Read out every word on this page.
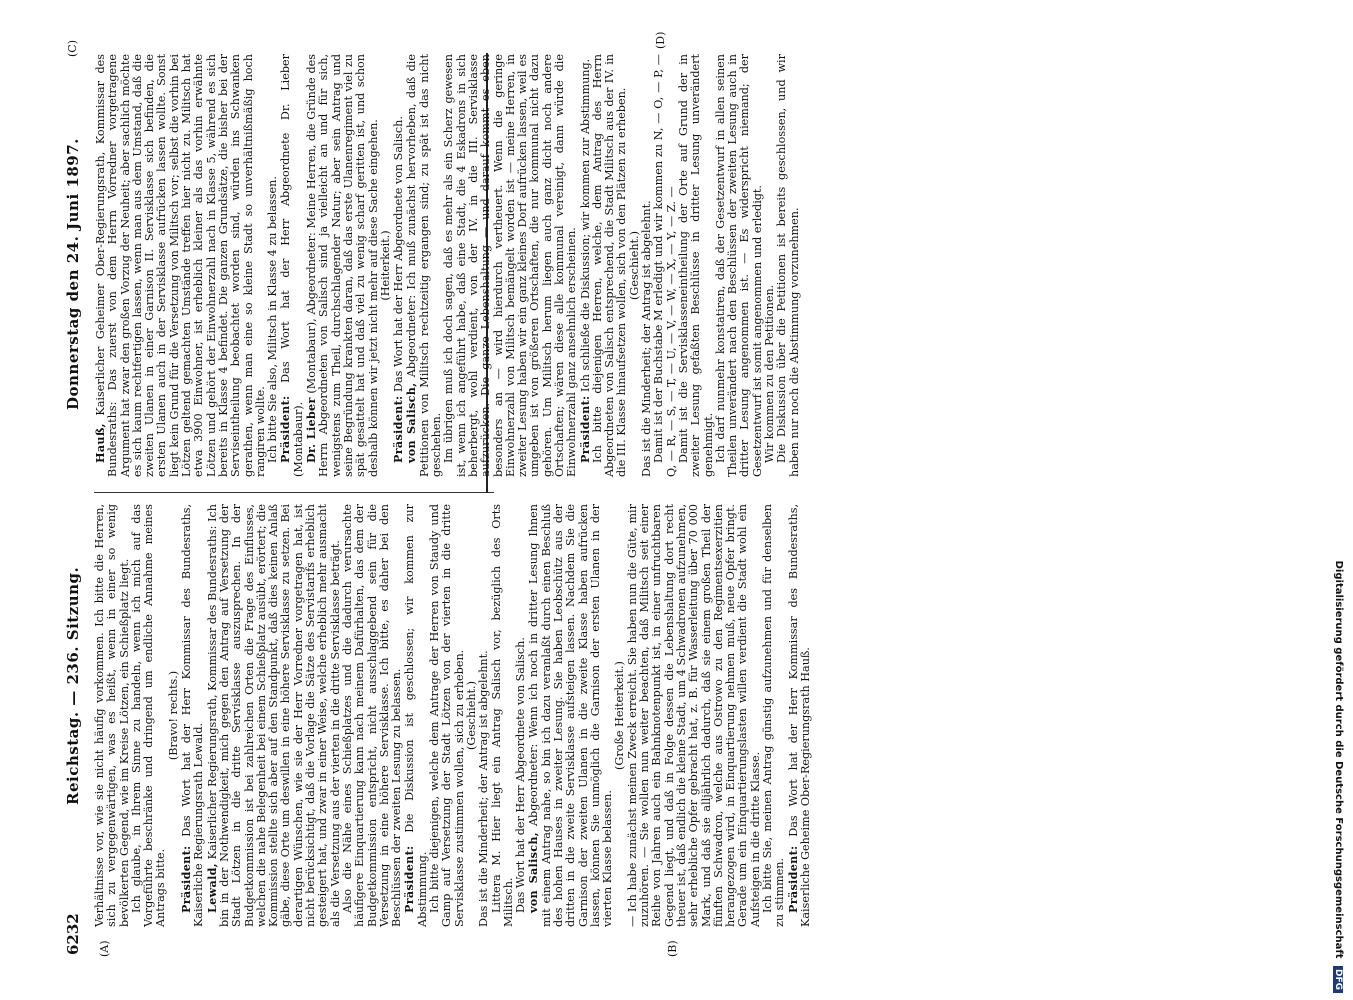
6232
Reichstag. — 236. Sitzung.
Donnerstag den 24. Juni 1897.
(C)
(A)	(B)
(D)

Verhältnisse vor, wie sie nicht häufig vorkommen. Ich bitte die Herren, sich zu vergegenwärtigen, was es heißt, wenn in einer so wenig bevölkerten Gegend, wie im Kreise Lötzen, ein Schießplatz liegt. Ich glaube, in Ihrem Sinne zu handeln, wenn ich mich auf das Vorgeführte beschränke und dringend um endliche Annahme meines Antrags bitte.

(Bravo! rechts.)

Präsident: Das Wort hat der Herr Kommissar des Bundesraths, Kaiserliche Regierungsrath Lewald. Lewald, Kaiserlicher Regierungsrath, Kommissar des Bundesraths: Ich bin in der Nothwendigkeit, mich gegen den Antrag auf Versetzung der Stadt Lötzen in die dritte Servisklasse auszusprechen. In der Budgetkommission ist bei zahlreichen Orten die Frage des Einflusses, welchen die nahe Belegenheit bei einem Schießplatz ausübt, erörtert; die Kommission stellte sich aber auf den Standpunkt, daß dies keinen Anlaß gäbe, diese Orte um deswillen in eine höhere Servisklasse zu setzen. Bei derartigen Wünschen, wie sie der Herr Vorredner vorgetragen hat, ist nicht berücksichtigt, daß die Vorlage die Sätze des Servistarifs erheblich gesteigert hat, und zwar in einer Weise, welche erheblich mehr ausmacht als die Versetzung aus der vierten in die dritte Servisklasse beträgt. Also die Nähe eines Schießplatzes und die dadurch verursachte häufigere Einquartierung kann nach meinem Dafürhalten, das dem der Budgetkommission entspricht, nicht ausschlaggebend sein für die Versetzung in eine höhere Servisklasse. Ich bitte, es daher bei den Beschlüssen der zweiten Lesung zu belassen. Präsident: Die Diskussion ist geschlossen; wir kommen zur Abstimmung. Ich bitte diejenigen, welche dem Antrage der Herren von Staudy und Gamp auf Versetzung der Stadt Lötzen von der vierten in die dritte Servisklasse zustimmen wollen, sich zu erheben. (Geschieht.) Das ist die Minderheit; der Antrag ist abgelehnt. Littera M. Hier liegt ein Antrag Salisch vor, bezüglich des Orts Militsch. Das Wort hat der Herr Abgeordnete von Salisch. von Salisch, Abgeordneter: Wenn ich noch in dritter Lesung Ihnen mit einem Antrag nahe, so bin ich dazu veranlaßt durch einen Beschluß des hohen Hauses in zweiter Lesung. Sie haben Leobschütz aus der dritten in die zweite Servisklasse aufsteigen lassen. Nachdem Sie die Garnison der zweiten Ulanen in die zweite Klasse haben aufrücken lassen, können Sie unmöglich die Garnison der ersten Ulanen in der vierten Klasse belassen.

(Große Heiterkeit.) — Ich habe zunächst meinen Zweck erreicht. Sie haben nun die Güte, mir zuzuhören. — Sie wollen nun weiter beachten, daß Militsch seit einer Reihe von Jahren auch ein Bahnknotenpunkt ist, in einer unfruchtbaren Gegend liegt, und daß in Folge dessen die Lebenshaltung dort recht theuer ist, daß endlich die kleine Stadt, um 4 Schwadronen aufzunehmen, sehr erhebliche Opfer gebracht hat, z. B. für Wasserleitung über 70 000 Mark, und daß sie alljährlich dadurch, daß sie einem großen Theil der fünften Schwadron, welche aus Ostrowo zu den Regimentsexerzitien herangezogen wird, in Einquartierung nehmen muß, neue Opfer bringt. Gerade um ein Einquartierungslasten willen verdient die Stadt wohl ein Aufsteigen in die dritte Klasse. Ich bitte Sie, meinen Antrag günstig aufzunehmen und für denselben zu stimmen. Präsident: Das Wort hat der Herr Kommissar des Bundesraths, Kaiserliche Geheime Ober-Regierungsrath Hauß.

Hauß, Kaiserlicher Geheimer Ober-Regierungsrath, Kommissar des Bundesraths: Das zuerst von dem Herrn Vorredner vorgetragene Argument hat zwar den großen Vorzug der Neuheit; aber sachlich möchte es sich kaum rechtfertigen lassen, wenn man aus dem Umstand, daß die zweiten Ulanen in einer Garnison II. Servisklasse sich befinden, die ersten Ulanen auch in der Servisklasse aufrücken lassen wollte. Sonst liegt kein Grund für die Versetzung von Militsch vor; selbst die vorhin bei Lötzen geltend gemachten Umstände treffen hier nicht zu. Militsch hat etwa 3900 Einwohner, ist erheblich kleiner als das vorhin erwähnte Lötzen und gehört der Einwohnerzahl nach in Klasse 5, während es sich bereits in Klasse 4 befindet. Die ganzen Grundsätze, die bisher bei der Serviseintheilung beobachtet worden sind, würden ins Schwanken gerathen, wenn man eine so kleine Stadt so unverhältnißmäßig hoch rangiren wollte. Ich bitte Sie also, Militsch in Klasse 4 zu belassen. Präsident: Das Wort hat der Herr Abgeordnete Dr. Lieber (Montabaur). Dr. Lieber (Montabaur), Abgeordneter: Meine Herren, die Gründe des Herrn Abgeordneten von Salisch sind ja vielleicht an und für sich, wenigstens zum Theil, durchschlagender Natur; aber sein Antrag und seine Begründung krankten daran, daß das erste Ulanenregiment viel zu spät gesattelt hat und daß viel zu wenig scharf geritten ist, und schon deshalb können wir jetzt nicht mehr auf diese Sache eingehen. (Heiterkeit.)

Präsident: Das Wort hat der Herr Abgeordnete von Salisch.

von Salisch, Abgeordneter: Ich muß zunächst hervorheben, daß die Petitionen von Militsch rechtzeitig ergangen sind; zu spät ist das nicht geschehen. Im übrigen muß ich doch sagen, daß es mehr als ein Scherz gewesen ist, wenn ich angeführt habe, daß eine Stadt, die 4 Eskadrons in sich beherbergt, wohl verdient, von der IV. in die III. Servisklasse aufzurücken. Die ganze Lebenshaltung — und darauf kommt es eben besonders an — wird hierdurch vertheuert. Wenn die geringe Einwohnerzahl von Militsch bemängelt worden ist — meine Herren, in zweiter Lesung haben wir ein ganz kleines Dorf aufrücken lassen, weil es umgeben ist von größeren Ortschaften, die nur kommunal nicht dazu gehören. Um Militsch herum liegen auch ganz dicht noch andere Ortschaften; wären diese alle kommunal vereinigt, dann würde die Einwohnerzahl ganz ansehnlich erscheinen. Präsident: Ich schließe die Diskussion; wir kommen zur Abstimmung. Ich bitte diejenigen Herren, welche, dem Antrag des Herrn Abgeordneten von Salisch entsprechend, die Stadt Militsch aus der IV. in die III. Klasse hinaufsetzen wollen, sich von den Plätzen zu erheben. (Geschieht.) Das ist die Minderheit; der Antrag ist abgelehnt. Damit ist der Buchstabe M erledigt und wir kommen zu N, — O, — P, — Q, — R, — S, — T, — U, — V, — W, — X, — Y, — Z. — Damit ist die Servisklasseneintheilung der Orte auf Grund der in zweiter Lesung gefaßten Beschlüsse in dritter Lesung unverändert genehmigt. Ich darf nunmehr konstatiren, daß der Gesetzentwurf in allen seinen Theilen unverändert nach den Beschlüssen der zweiten Lesung auch in dritter Lesung angenommen ist. — Es widerspricht niemand; der Gesetzentwurf ist somit angenommen und erledigt. Wir kommen zu den Petitionen. Die Diskussion über die Petitionen ist bereits geschlossen, und wir haben nur noch die Abstimmung vorzunehmen.

Digitalisierung gefördert durch die Deutsche Forschungsgemeinschaft DFG
